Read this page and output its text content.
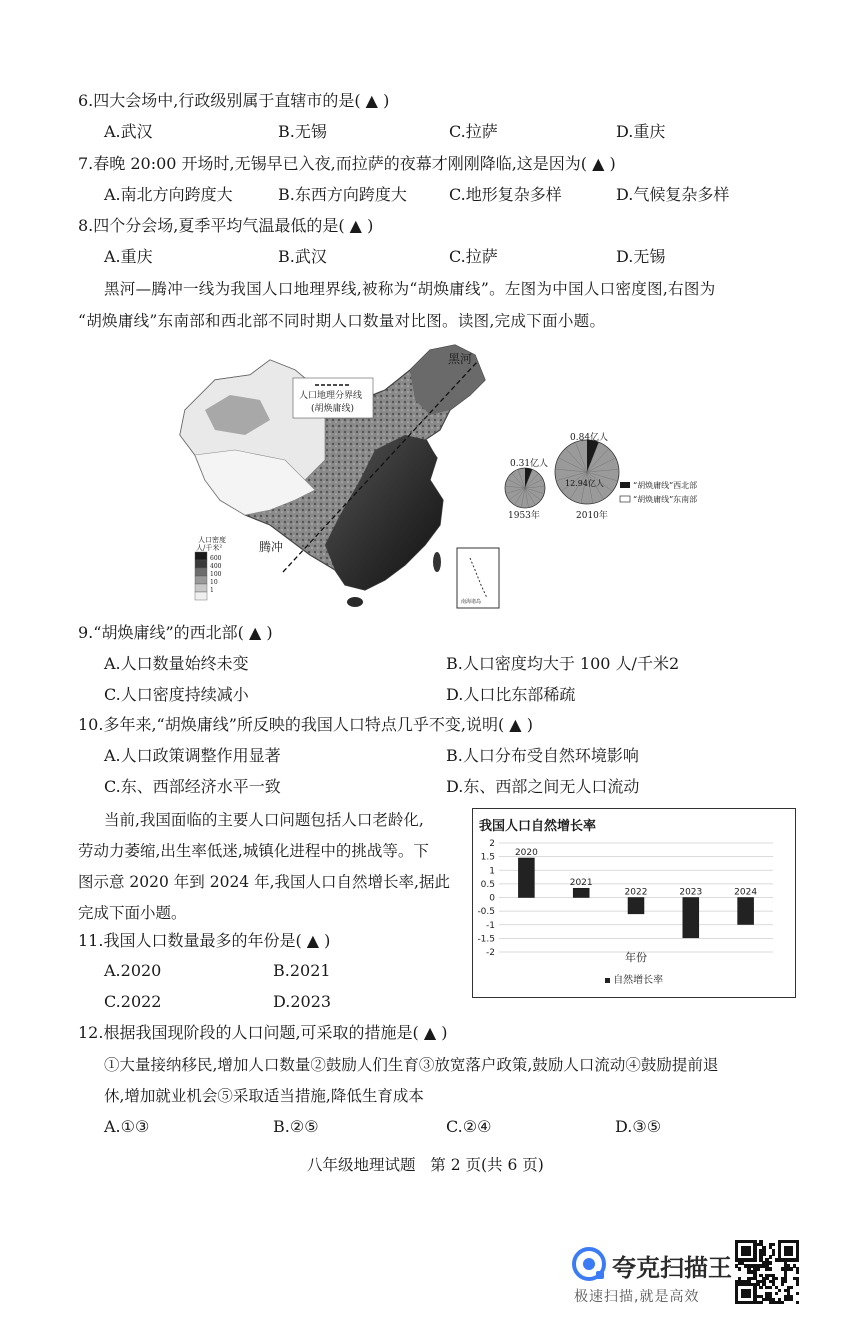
6.四大会场中,行政级别属于直辖市的是( ▲ )
A.武汉	B.无锡	C.拉萨	D.重庆
7.春晚 20:00 开场时,无锡早已入夜,而拉萨的夜幕才刚刚降临,这是因为( ▲ )
A.南北方向跨度大	B.东西方向跨度大	C.地形复杂多样	D.气候复杂多样
8.四个分会场,夏季平均气温最低的是( ▲ )
A.重庆	B.武汉	C.拉萨	D.无锡
黑河—腾冲一线为我国人口地理界线,被称为“胡焕庸线”。左图为中国人口密度图,右图为
“胡焕庸线”东南部和西北部不同时期人口数量对比图。读图,完成下面小题。
黑河
腾冲
人口地理分界线
(胡焕庸线)
人口密度
人/千米²
600
400
100
10
1
南海诸岛
0.31亿人
1953年
0.84亿人
12.94亿人
2010年
“胡焕庸线”西北部
“胡焕庸线”东南部
9.“胡焕庸线”的西北部( ▲ )
A.人口数量始终未变	B.人口密度均大于 100 人/千米2
C.人口密度持续减小	D.人口比东部稀疏
10.多年来,“胡焕庸线”所反映的我国人口特点几乎不变,说明( ▲ )
A.人口政策调整作用显著	B.人口分布受自然环境影响
C.东、西部经济水平一致	D.东、西部之间无人口流动
当前,我国面临的主要人口问题包括人口老龄化,
劳动力萎缩,出生率低迷,城镇化进程中的挑战等。下
图示意 2020 年到 2024 年,我国人口自然增长率,据此
完成下面小题。
我国人口自然增长率
2
1.5
1
0.5
0
-0.5
-1
-1.5
-2
2020
2021
2022	2023	2024
年份
自然增长率
11.我国人口数量最多的年份是( ▲ )
A.2020	B.2021
C.2022	D.2023
12.根据我国现阶段的人口问题,可采取的措施是( ▲ )
①大量接纳移民,增加人口数量②鼓励人们生育③放宽落户政策,鼓励人口流动④鼓励提前退
休,增加就业机会⑤采取适当措施,降低生育成本
A.①③	B.②⑤	C.②④	D.③⑤
八年级地理试题   第 2 页(共 6 页)
夸克扫描王
极速扫描,就是高效
